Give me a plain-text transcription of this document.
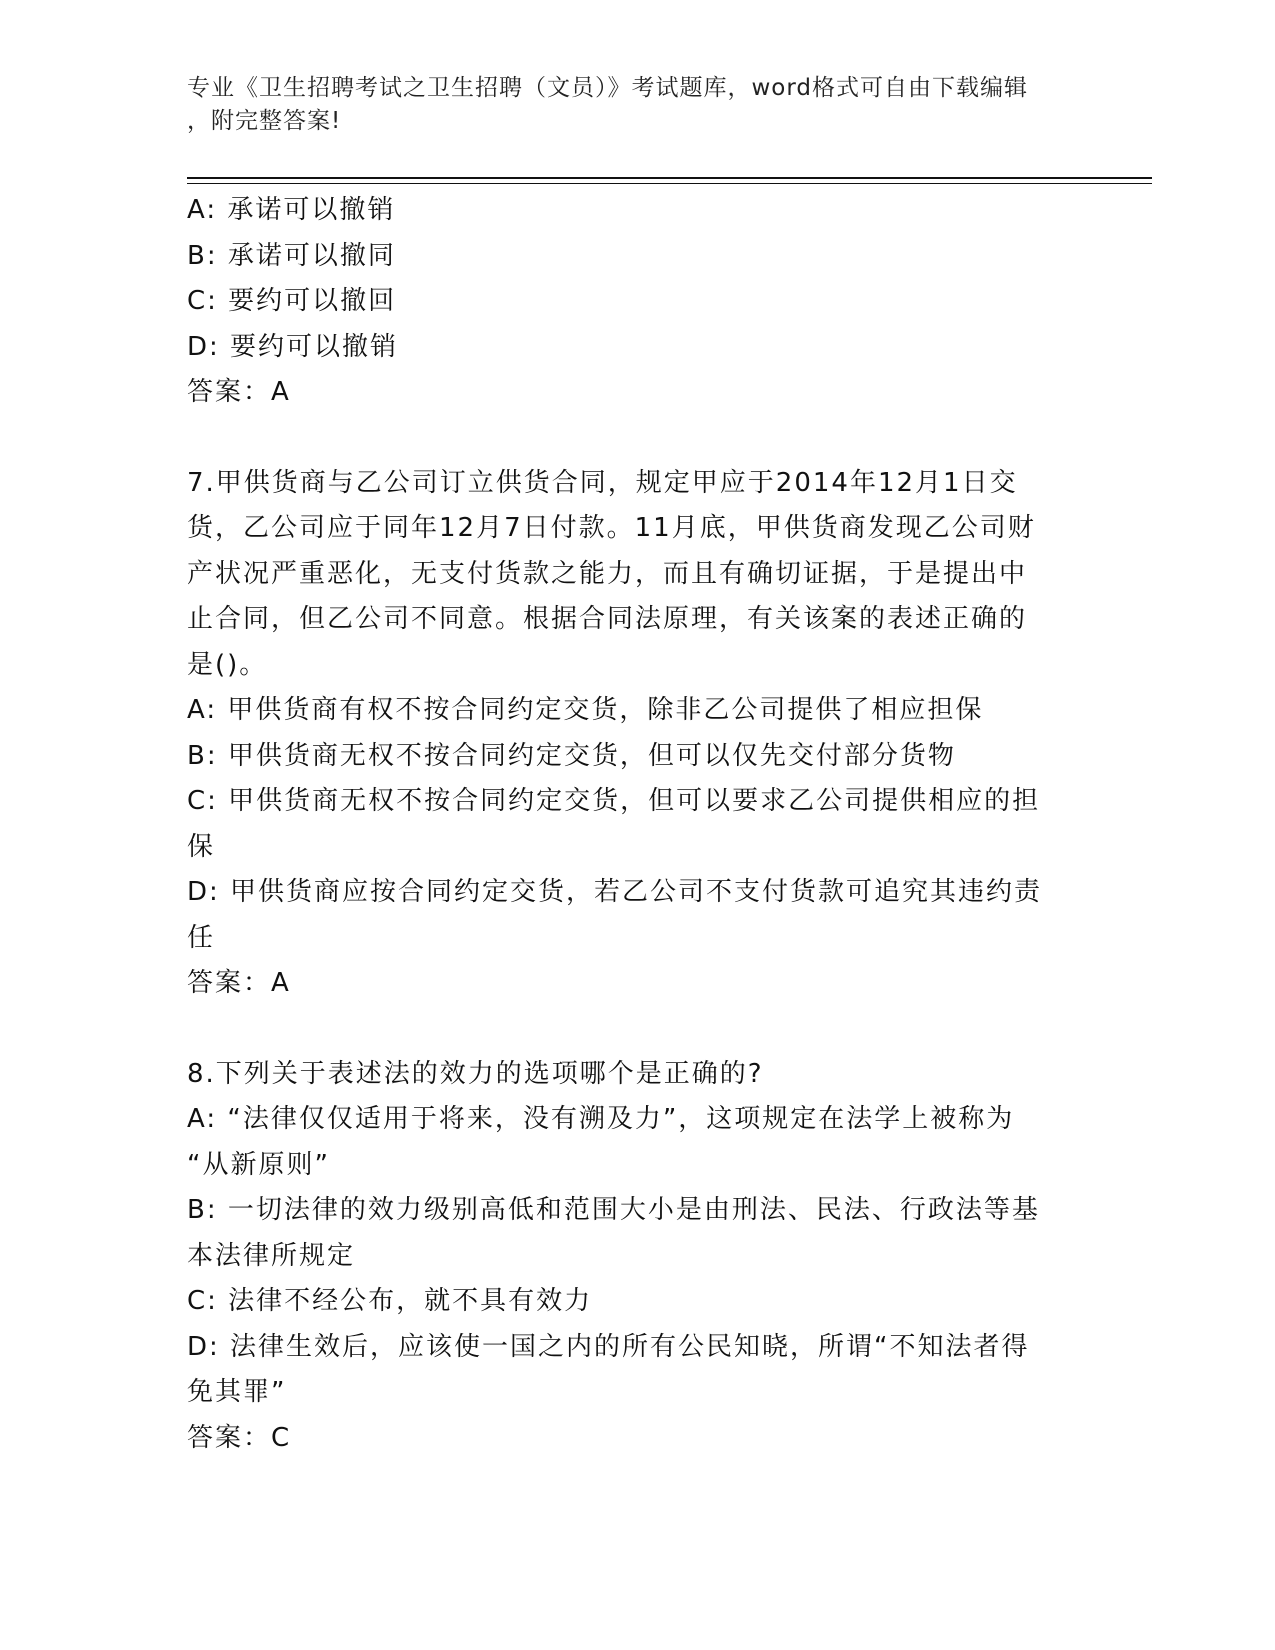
专业《卫生招聘考试之卫生招聘（文员）》考试题库，word格式可自由下载编辑
，附完整答案!

A: 承诺可以撤销

B: 承诺可以撤同

C: 要约可以撤回

D: 要约可以撤销

答案：A

7.甲供货商与乙公司订立供货合同，规定甲应于2014年12月1日交

货，乙公司应于同年12月7日付款。11月底，甲供货商发现乙公司财

产状况严重恶化，无支付货款之能力，而且有确切证据，于是提出中

止合同，但乙公司不同意。根据合同法原理，有关该案的表述正确的

是()。

A: 甲供货商有权不按合同约定交货，除非乙公司提供了相应担保

B: 甲供货商无权不按合同约定交货，但可以仅先交付部分货物

C: 甲供货商无权不按合同约定交货，但可以要求乙公司提供相应的担

保

D: 甲供货商应按合同约定交货，若乙公司不支付货款可追究其违约责

任

答案：A

8.下列关于表述法的效力的选项哪个是正确的?

A: “法律仅仅适用于将来，没有溯及力”，这项规定在法学上被称为

“从新原则”

B: 一切法律的效力级别高低和范围大小是由刑法、民法、行政法等基

本法律所规定

C: 法律不经公布，就不具有效力

D: 法律生效后，应该使一国之内的所有公民知晓，所谓“不知法者得

免其罪”

答案：C
